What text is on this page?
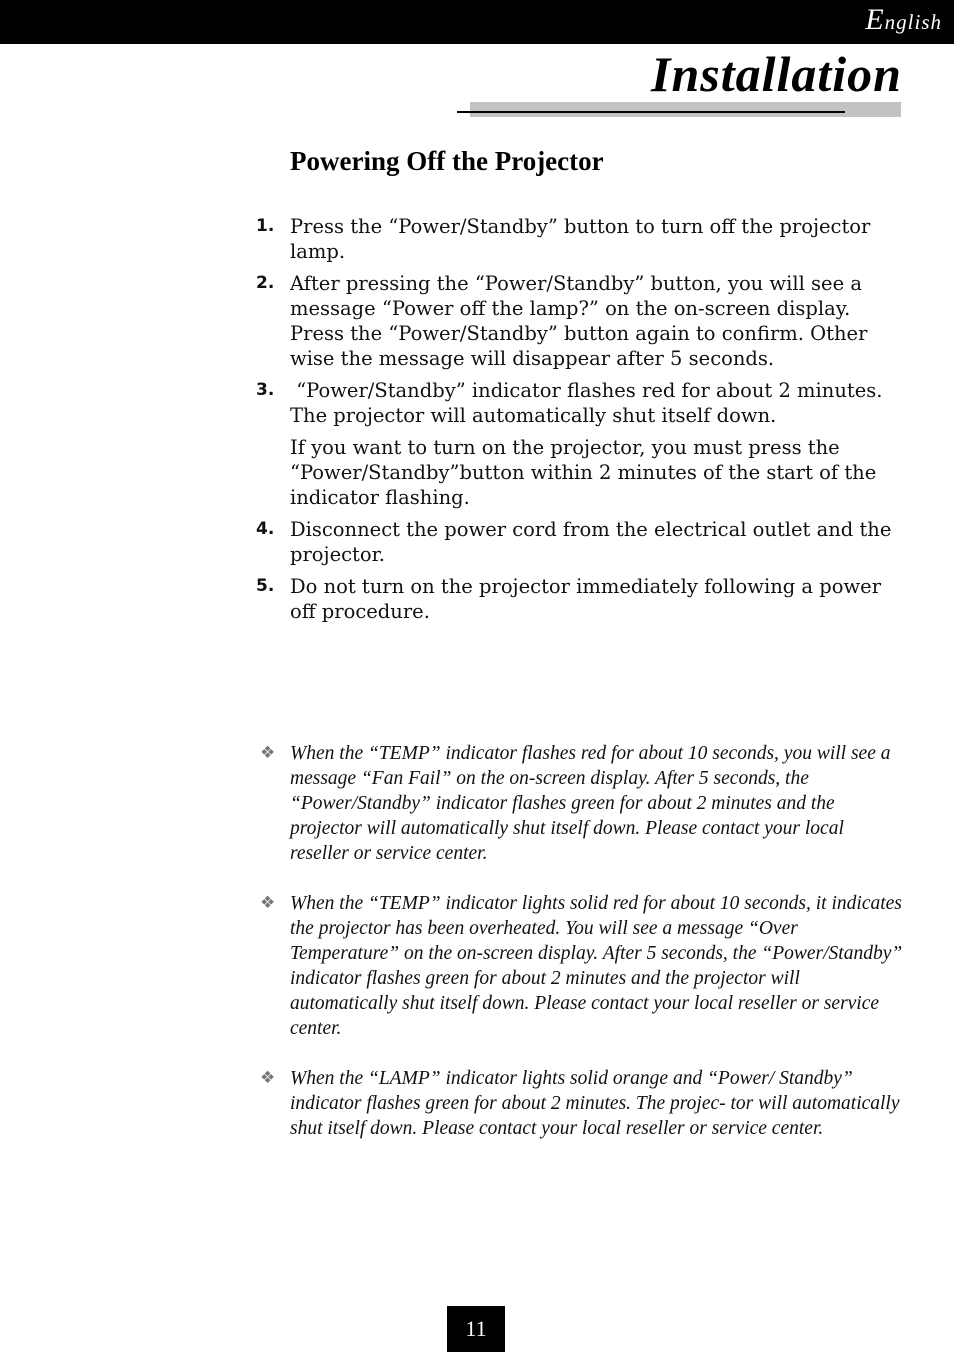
English
Installation
Powering Off the Projector
1. Press the “Power/Standby” button to turn off the projector lamp.
2. After pressing the “Power/Standby” button, you will see a message “Power off the lamp?” on the on-screen display. Press the “Power/Standby” button again to confirm. Other wise the message will disappear after 5 seconds.
3. “Power/Standby” indicator flashes red for about 2 minutes. The projector will automatically shut itself down.
If you want to turn on the projector, you must press the “Power/Standby”button within 2 minutes of the start of the indicator flashing.
4. Disconnect the power cord from the electrical outlet and the projector.
5. Do not turn on the projector immediately following a power off procedure.
❖ When the “TEMP” indicator flashes red for about 10 seconds, you will see a message “Fan Fail” on the on-screen display. After 5 seconds, the “Power/Standby” indicator flashes green for about 2 minutes and the projector will automatically shut itself down. Please contact your local reseller or service center.
❖ When the “TEMP” indicator lights solid red for about 10 seconds, it indicates the projector has been overheated. You will see a message “Over Temperature” on the on-screen display. After 5 seconds, the “Power/Standby” indicator flashes green for about 2 minutes and the projector will automatically shut itself down. Please contact your local reseller or service center.
❖ When the “LAMP” indicator lights solid orange and “Power/ Standby” indicator flashes green for about 2 minutes. The projec- tor will automatically shut itself down. Please contact your local reseller or service center.
11
